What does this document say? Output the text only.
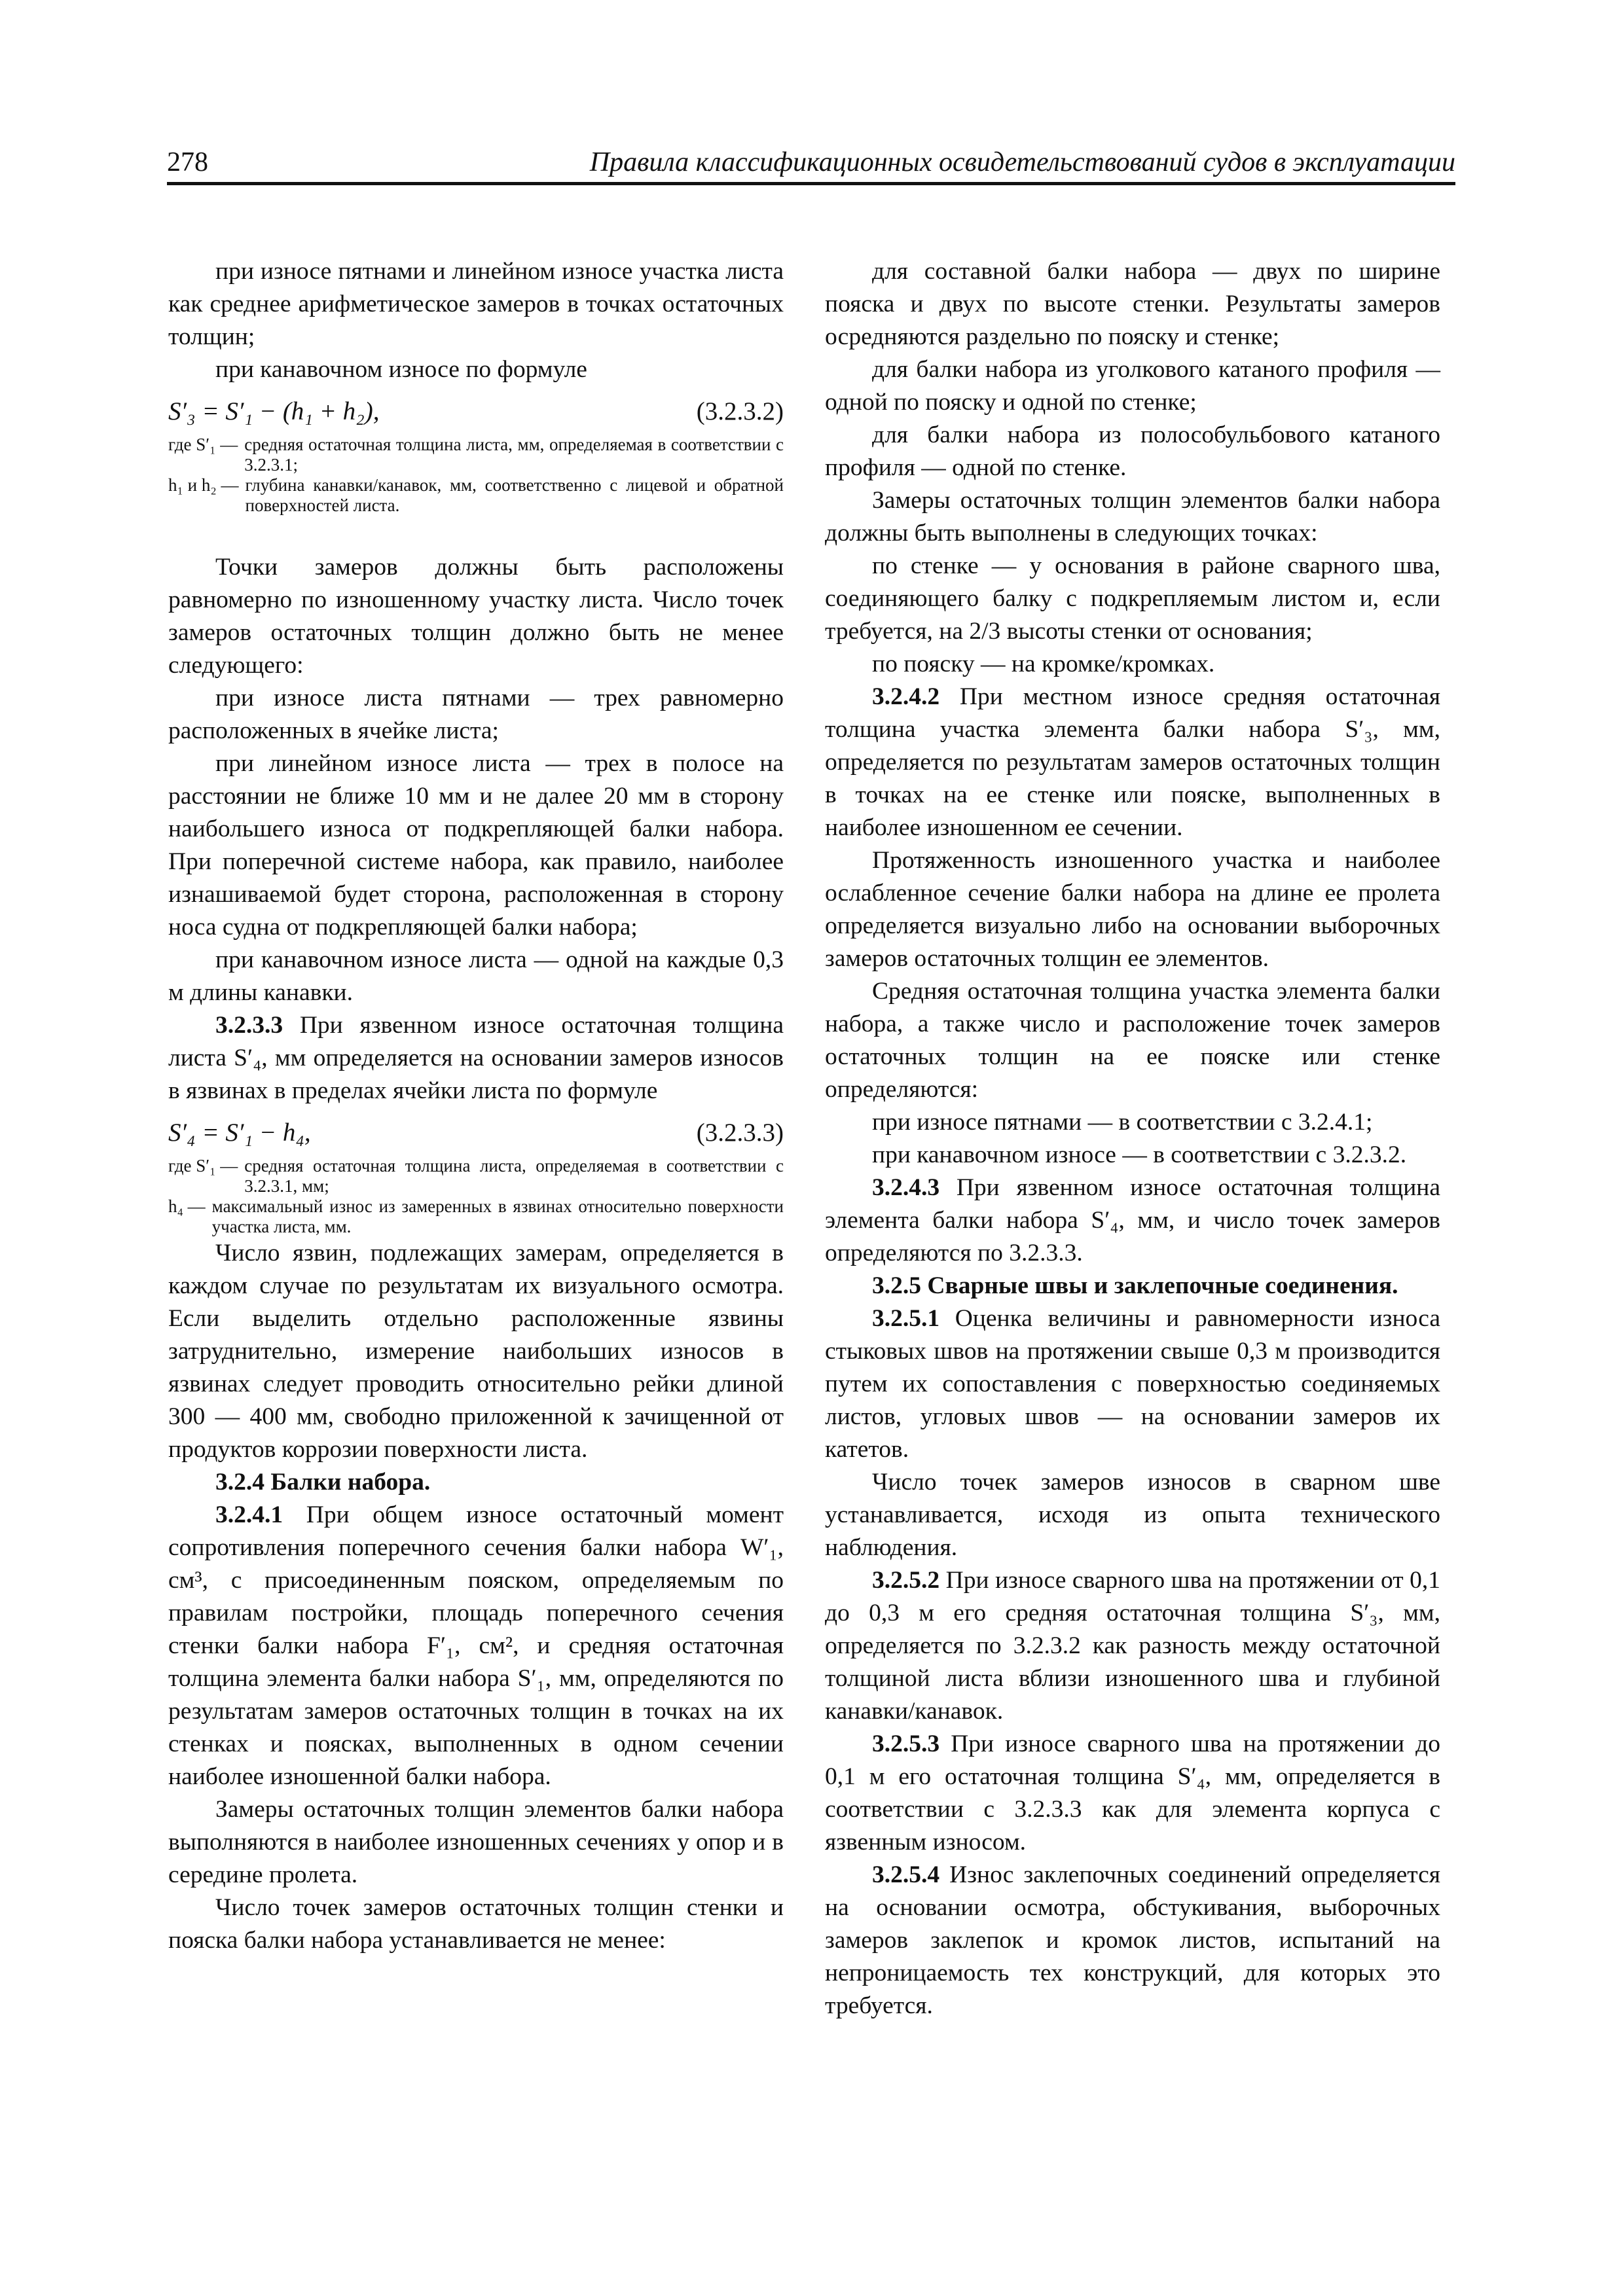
278	Правила классификационных освидетельствований судов в эксплуатации

при износе пятнами и линейном износе участка листа как среднее арифметическое замеров в точках остаточных толщин;

при канавочном износе по формуле

S′₃ = S′₁ − (h₁ + h₂),	(3.2.3.2)
где S′₁ — средняя остаточная толщина листа, мм, определяемая в соответствии с 3.2.3.1;
h₁ и h₂ — глубина канавки/канавок, мм, соответственно с лицевой и обратной поверхностей листа.

Точки замеров должны быть расположены равномерно по изношенному участку листа. Число точек замеров остаточных толщин должно быть не менее следующего:

при износе листа пятнами — трех равномерно расположенных в ячейке листа;

при линейном износе листа — трех в полосе на расстоянии не ближе 10 мм и не далее 20 мм в сторону наибольшего износа от подкрепляющей балки набора. При поперечной системе набора, как правило, наиболее изнашиваемой будет сторона, расположенная в сторону носа судна от подкрепляющей балки набора;

при канавочном износе листа — одной на каждые 0,3 м длины канавки.

3.2.3.3 При язвенном износе остаточная толщина листа S′₄, мм определяется на основании замеров износов в язвинах в пределах ячейки листа по формуле

S′₄ = S′₁ − h₄,	(3.2.3.3)
где S′₁ — средняя остаточная толщина листа, определяемая в соответствии с 3.2.3.1, мм;
h₄ — максимальный износ из замеренных в язвинах относительно поверхности участка листа, мм.

Число язвин, подлежащих замерам, определяется в каждом случае по результатам их визуального осмотра. Если выделить отдельно расположенные язвины затруднительно, измерение наибольших износов в язвинах следует проводить относительно рейки длиной 300 — 400 мм, свободно приложенной к зачищенной от продуктов коррозии поверхности листа.

3.2.4 Балки набора.

3.2.4.1 При общем износе остаточный момент сопротивления поперечного сечения балки набора W′₁, см³, с присоединенным пояском, определяемым по правилам постройки, площадь поперечного сечения стенки балки набора F′₁, см², и средняя остаточная толщина элемента балки набора S′₁, мм, определяются по результатам замеров остаточных толщин в точках на их стенках и поясках, выполненных в одном сечении наиболее изношенной балки набора.

Замеры остаточных толщин элементов балки набора выполняются в наиболее изношенных сечениях у опор и в середине пролета.

Число точек замеров остаточных толщин стенки и пояска балки набора устанавливается не менее:

для составной балки набора — двух по ширине пояска и двух по высоте стенки. Результаты замеров осредняются раздельно по пояску и стенке;

для балки набора из уголкового катаного профиля — одной по пояску и одной по стенке;

для балки набора из полособульбового катаного профиля — одной по стенке.

Замеры остаточных толщин элементов балки набора должны быть выполнены в следующих точках:

по стенке — у основания в районе сварного шва, соединяющего балку с подкрепляемым листом и, если требуется, на 2/3 высоты стенки от основания;

по пояску — на кромке/кромках.

3.2.4.2 При местном износе средняя остаточная толщина участка элемента балки набора S′₃, мм, определяется по результатам замеров остаточных толщин в точках на ее стенке или пояске, выполненных в наиболее изношенном ее сечении.

Протяженность изношенного участка и наиболее ослабленное сечение балки набора на длине ее пролета определяется визуально либо на основании выборочных замеров остаточных толщин ее элементов.

Средняя остаточная толщина участка элемента балки набора, а также число и расположение точек замеров остаточных толщин на ее пояске или стенке определяются:

при износе пятнами — в соответствии с 3.2.4.1;

при канавочном износе — в соответствии с 3.2.3.2.

3.2.4.3 При язвенном износе остаточная толщина элемента балки набора S′₄, мм, и число точек замеров определяются по 3.2.3.3.

3.2.5 Сварные швы и заклепочные соединения.

3.2.5.1 Оценка величины и равномерности износа стыковых швов на протяжении свыше 0,3 м производится путем их сопоставления с поверхностью соединяемых листов, угловых швов — на основании замеров их катетов.

Число точек замеров износов в сварном шве устанавливается, исходя из опыта технического наблюдения.

3.2.5.2 При износе сварного шва на протяжении от 0,1 до 0,3 м его средняя остаточная толщина S′₃, мм, определяется по 3.2.3.2 как разность между остаточной толщиной листа вблизи изношенного шва и глубиной канавки/канавок.

3.2.5.3 При износе сварного шва на протяжении до 0,1 м его остаточная толщина S′₄, мм, определяется в соответствии с 3.2.3.3 как для элемента корпуса с язвенным износом.

3.2.5.4 Износ заклепочных соединений определяется на основании осмотра, обстукивания, выборочных замеров заклепок и кромок листов, испытаний на непроницаемость тех конструкций, для которых это требуется.
